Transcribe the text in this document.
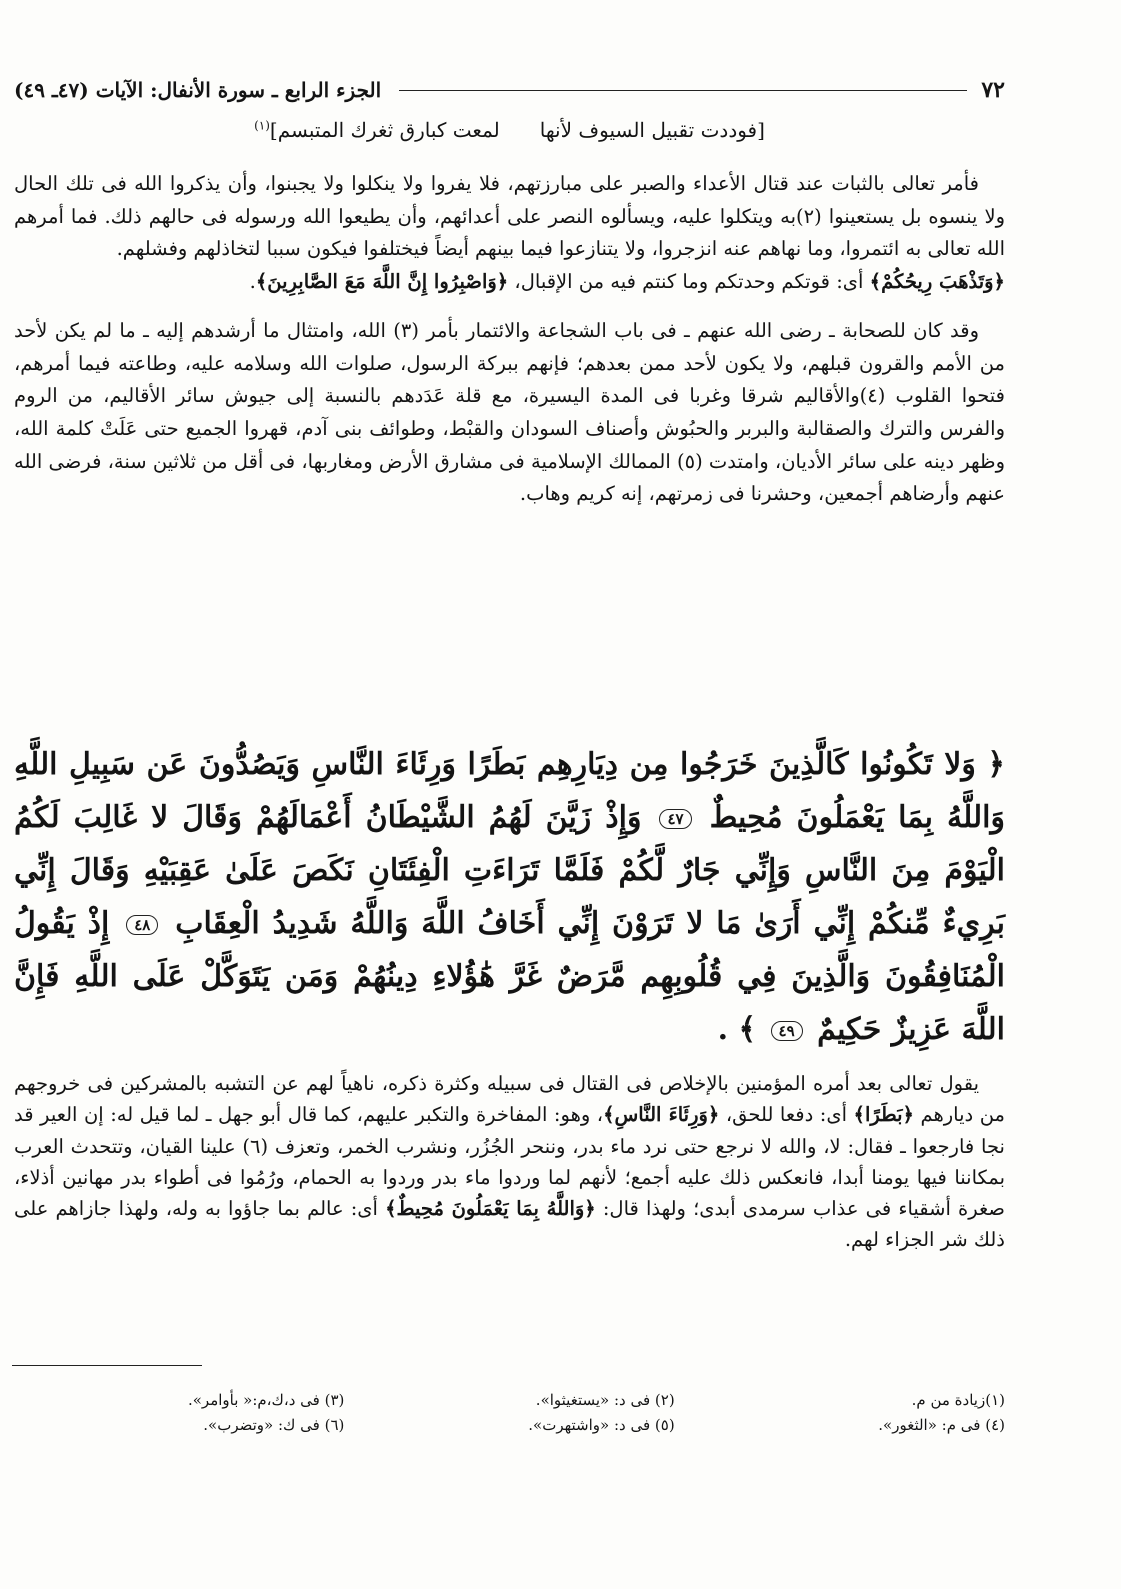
٧٢
الجزء الرابع ـ سورة الأنفال: الآيات (٤٧ـ ٤٩)
[فوددت تقبيل السيوف لأنهالمعت كبارق ثغرك المتبسم]$^{(١)}$

فأمر تعالى بالثبات عند قتال الأعداء والصبر على مبارزتهم، فلا يفروا ولا ينكلوا ولا يجبنوا، وأن يذكروا الله فى تلك الحال ولا ينسوه بل يستعينوا (٢)به ويتكلوا عليه، ويسألوه النصر على أعدائهم، وأن يطيعوا الله ورسوله فى حالهم ذلك. فما أمرهم الله تعالى به ائتمروا، وما نهاهم عنه انزجروا، ولا يتنازعوا فيما بينهم أيضاً فيختلفوا فيكون سببا لتخاذلهم وفشلهم.

﴿وَتَذْهَبَ رِيحُكُمْ﴾ أى: قوتكم وحدتكم وما كنتم فيه من الإقبال، ﴿وَاصْبِرُوا إِنَّ اللَّهَ مَعَ الصَّابِرِينَ﴾.

وقد كان للصحابة ـ رضى الله عنهم ـ فى باب الشجاعة والائتمار بأمر (٣) الله، وامتثال ما أرشدهم إليه ـ ما لم يكن لأحد من الأمم والقرون قبلهم، ولا يكون لأحد ممن بعدهم؛ فإنهم ببركة الرسول، صلوات الله وسلامه عليه، وطاعته فيما أمرهم، فتحوا القلوب (٤)والأقاليم شرقا وغربا فى المدة اليسيرة، مع قلة عَدَدهم بالنسبة إلى جيوش سائر الأقاليم، من الروم والفرس والترك والصقالبة والبربر والحبُوش وأصناف السودان والقبْط، وطوائف بنى آدم، قهروا الجميع حتى عَلَتْ كلمة الله، وظهر دينه على سائر الأديان، وامتدت (٥) الممالك الإسلامية فى مشارق الأرض ومغاربها، فى أقل من ثلاثين سنة، فرضى الله عنهم وأرضاهم أجمعين، وحشرنا فى زمرتهم، إنه كريم وهاب.

﴿ وَلا تَكُونُوا كَالَّذِينَ خَرَجُوا مِن دِيَارِهِم بَطَرًا وَرِئَاءَ النَّاسِ وَيَصُدُّونَ عَن سَبِيلِ اللَّهِ وَاللَّهُ بِمَا يَعْمَلُونَ مُحِيطٌ ٤٧ وَإِذْ زَيَّنَ لَهُمُ الشَّيْطَانُ أَعْمَالَهُمْ وَقَالَ لا غَالِبَ لَكُمُ الْيَوْمَ مِنَ النَّاسِ وَإِنِّي جَارٌ لَّكُمْ فَلَمَّا تَرَاءَتِ الْفِئَتَانِ نَكَصَ عَلَىٰ عَقِبَيْهِ وَقَالَ إِنِّي بَرِيءٌ مِّنكُمْ إِنِّي أَرَىٰ مَا لا تَرَوْنَ إِنِّي أَخَافُ اللَّهَ وَاللَّهُ شَدِيدُ الْعِقَابِ ٤٨ إِذْ يَقُولُ الْمُنَافِقُونَ وَالَّذِينَ فِي قُلُوبِهِم مَّرَضٌ غَرَّ هَٰؤُلاءِ دِينُهُمْ وَمَن يَتَوَكَّلْ عَلَى اللَّهِ فَإِنَّ اللَّهَ عَزِيزٌ حَكِيمٌ ٤٩ ﴾ .

يقول تعالى بعد أمره المؤمنين بالإخلاص فى القتال فى سبيله وكثرة ذكره، ناهياً لهم عن التشبه بالمشركين فى خروجهم من ديارهم ﴿بَطَرًا﴾ أى: دفعا للحق، ﴿وَرِئَاءَ النَّاسِ﴾، وهو: المفاخرة والتكبر عليهم، كما قال أبو جهل ـ لما قيل له: إن العير قد نجا فارجعوا ـ فقال: لا، والله لا نرجع حتى نرد ماء بدر، وننحر الجُزُر، ونشرب الخمر، وتعزف (٦) علينا القيان، وتتحدث العرب بمكاننا فيها يومنا أبدا، فانعكس ذلك عليه أجمع؛ لأنهم لما وردوا ماء بدر وردوا به الحمام، ورُمُوا فى أطواء بدر مهانين أذلاء، صغرة أشقياء فى عذاب سرمدى أبدى؛ ولهذا قال: ﴿وَاللَّهُ بِمَا يَعْمَلُونَ مُحِيطٌ﴾ أى: عالم بما جاؤوا به وله، ولهذا جازاهم على ذلك شر الجزاء لهم.

(١)زيادة من م.
(٢) فى د: «يستغيثوا».
(٣) فى د،ك،م:« بأوامر».
(٤) فى م: «الثغور».
(٥) فى د: «واشتهرت».
(٦) فى ك: «وتضرب».
